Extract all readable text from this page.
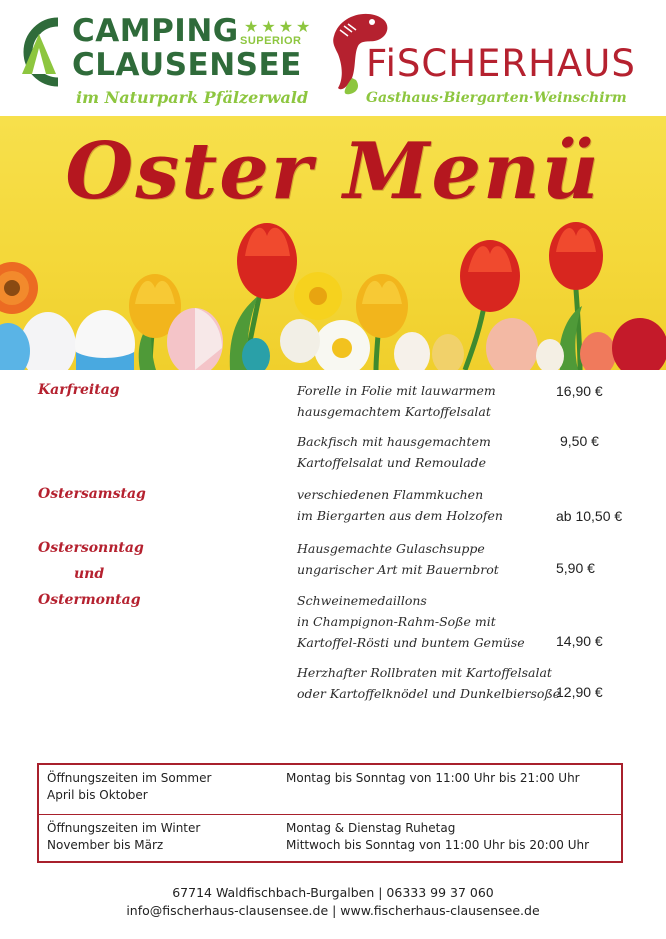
CAMPING
CLAUSENSEE
★★★★
SUPERIOR
im Naturpark Pfälzerwald
FiSCHERHAUS
Gasthaus·Biergarten·Weinschirm
Oster Menü
Karfreitag
Ostersamstag
Ostersonntag
und
Ostermontag
Forelle in Folie mit lauwarmem
hausgemachtem Kartoffelsalat
16,90 €
Backfisch mit hausgemachtem
Kartoffelsalat und Remoulade
9,50 €
verschiedenen Flammkuchen
im Biergarten aus dem Holzofen	ab 10,50 €
Hausgemachte Gulaschsuppe
ungarischer Art mit Bauernbrot	5,90 €
Schweinemedaillons
in Champignon-Rahm-Soße mit
Kartoffel-Rösti und buntem Gemüse 14,90 €
Herzhafter Rollbraten mit Kartoffelsalat
oder Kartoffelknödel und Dunkelbiersoße
12,90 €
Öffnungszeiten im Sommer
April bis Oktober
Montag bis Sonntag von 11:00 Uhr bis 21:00 Uhr
Öffnungszeiten im Winter
November bis März
Montag & Dienstag Ruhetag
Mittwoch bis Sonntag von 11:00 Uhr bis 20:00 Uhr
67714 Waldfischbach-Burgalben | 06333 99 37 060
info@fischerhaus-clausensee.de | www.fischerhaus-clausensee.de
